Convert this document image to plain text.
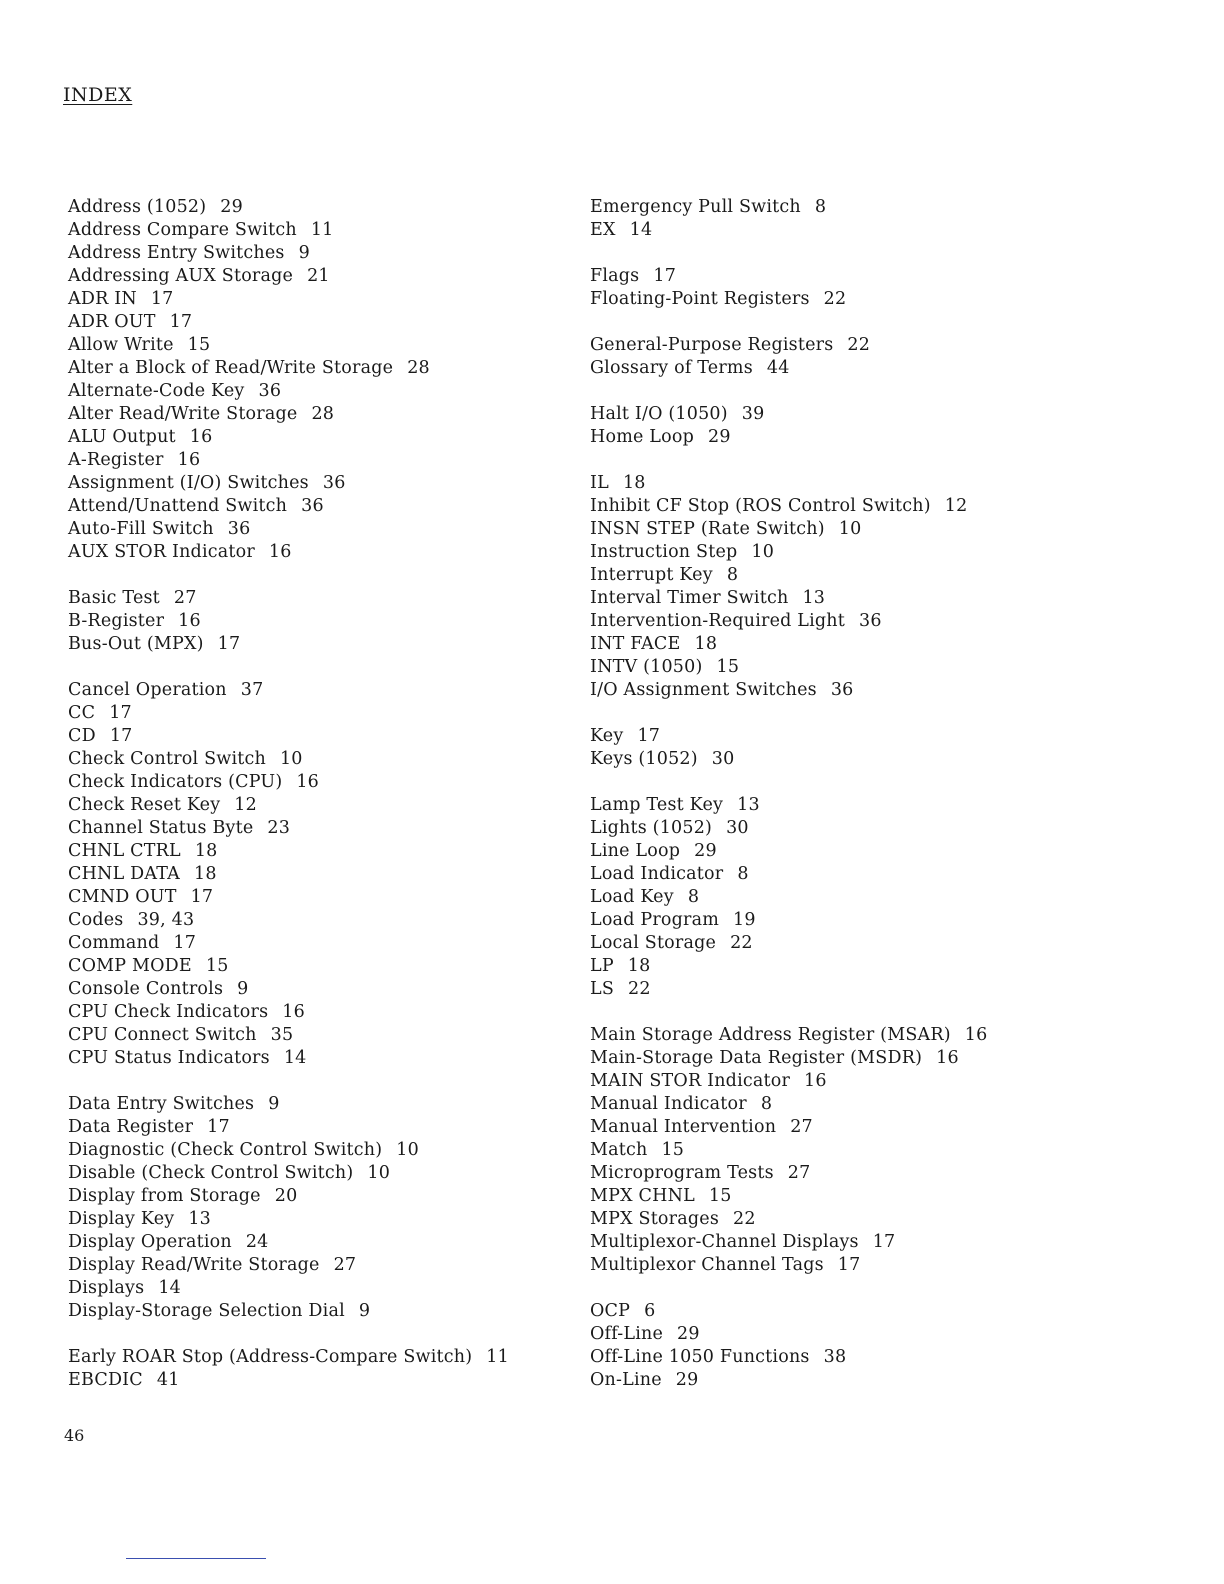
INDEX
Address (1052) 29
Address Compare Switch 11
Address Entry Switches 9
Addressing AUX Storage 21
ADR IN 17
ADR OUT 17
Allow Write 15
Alter a Block of Read/Write Storage 28
Alternate-Code Key 36
Alter Read/Write Storage 28
ALU Output 16
A-Register 16
Assignment (I/O) Switches 36
Attend/Unattend Switch 36
Auto-Fill Switch 36
AUX STOR Indicator 16
Basic Test 27
B-Register 16
Bus-Out (MPX) 17
Cancel Operation 37
CC 17
CD 17
Check Control Switch 10
Check Indicators (CPU) 16
Check Reset Key 12
Channel Status Byte 23
CHNL CTRL 18
CHNL DATA 18
CMND OUT 17
Codes 39, 43
Command 17
COMP MODE 15
Console Controls 9
CPU Check Indicators 16
CPU Connect Switch 35
CPU Status Indicators 14
Data Entry Switches 9
Data Register 17
Diagnostic (Check Control Switch) 10
Disable (Check Control Switch) 10
Display from Storage 20
Display Key 13
Display Operation 24
Display Read/Write Storage 27
Displays 14
Display-Storage Selection Dial 9
Early ROAR Stop (Address-Compare Switch) 11
EBCDIC 41
Emergency Pull Switch 8
EX 14
Flags 17
Floating-Point Registers 22
General-Purpose Registers 22
Glossary of Terms 44
Halt I/O (1050) 39
Home Loop 29
IL 18
Inhibit CF Stop (ROS Control Switch) 12
INSN STEP (Rate Switch) 10
Instruction Step 10
Interrupt Key 8
Interval Timer Switch 13
Intervention-Required Light 36
INT FACE 18
INTV (1050) 15
I/O Assignment Switches 36
Key 17
Keys (1052) 30
Lamp Test Key 13
Lights (1052) 30
Line Loop 29
Load Indicator 8
Load Key 8
Load Program 19
Local Storage 22
LP 18
LS 22
Main Storage Address Register (MSAR) 16
Main-Storage Data Register (MSDR) 16
MAIN STOR Indicator 16
Manual Indicator 8
Manual Intervention 27
Match 15
Microprogram Tests 27
MPX CHNL 15
MPX Storages 22
Multiplexor-Channel Displays 17
Multiplexor Channel Tags 17
OCP 6
Off-Line 29
Off-Line 1050 Functions 38
On-Line 29
46
